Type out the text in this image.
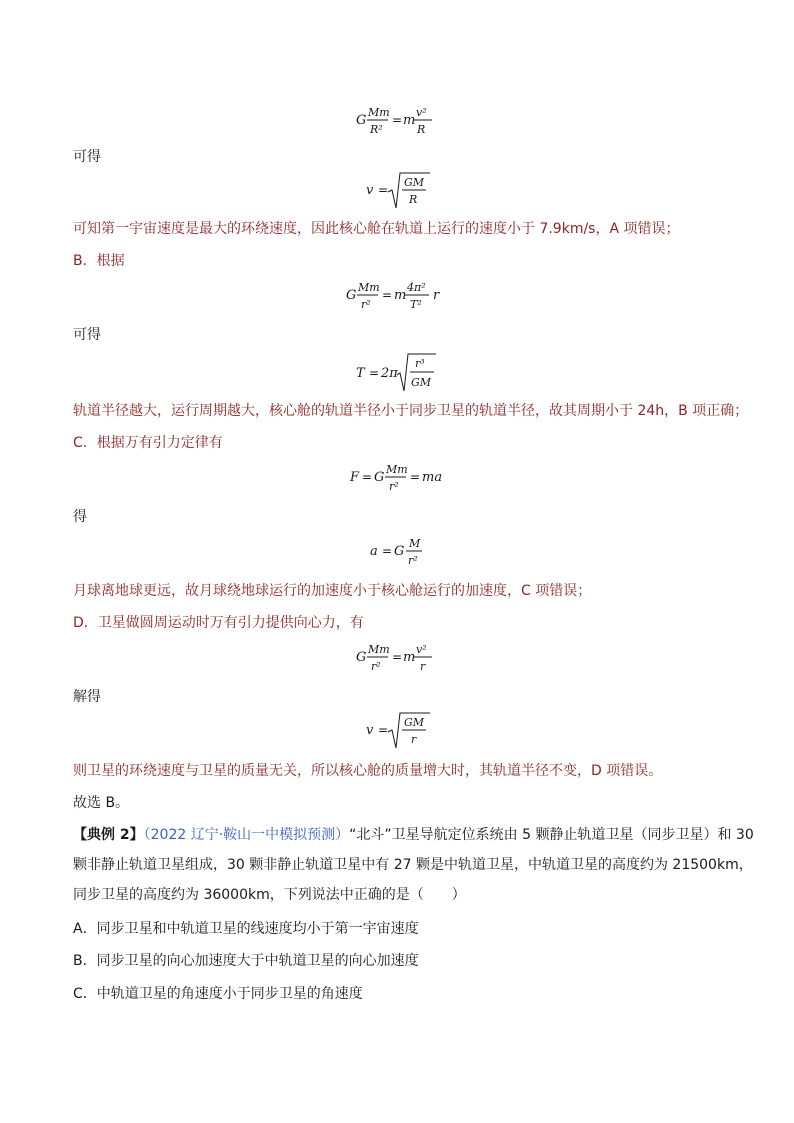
G
Mm
R²
= m
v²
R
可得
v =
GM
R
可知第一宇宙速度是最大的环绕速度，因此核心舱在轨道上运行的速度小于 7.9km/s，A 项错误；
B．根据
G
Mm
r²
= m
4π²
T²
r
可得
T = 2π
r³
GM
轨道半径越大，运行周期越大，核心舱的轨道半径小于同步卫星的轨道半径，故其周期小于 24h，B 项正确；
C．根据万有引力定律有
F = G
Mm
r²
= ma
得
a = G
M
r²
月球离地球更远，故月球绕地球运行的加速度小于核心舱运行的加速度，C 项错误；
D．卫星做圆周运动时万有引力提供向心力，有
G
Mm
r²
= m
v²
r
解得
v =
GM
r
则卫星的环绕速度与卫星的质量无关，所以核心舱的质量增大时，其轨道半径不变，D 项错误。
故选 B。
【典例 2】（2022 辽宁·鞍山一中模拟预测）“北斗”卫星导航定位系统由 5 颗静止轨道卫星（同步卫星）和 30
颗非静止轨道卫星组成，30 颗非静止轨道卫星中有 27 颗是中轨道卫星，中轨道卫星的高度约为 21500km，
同步卫星的高度约为 36000km，下列说法中正确的是（　　）
A．同步卫星和中轨道卫星的线速度均小于第一宇宙速度
B．同步卫星的向心加速度大于中轨道卫星的向心加速度
C．中轨道卫星的角速度小于同步卫星的角速度
